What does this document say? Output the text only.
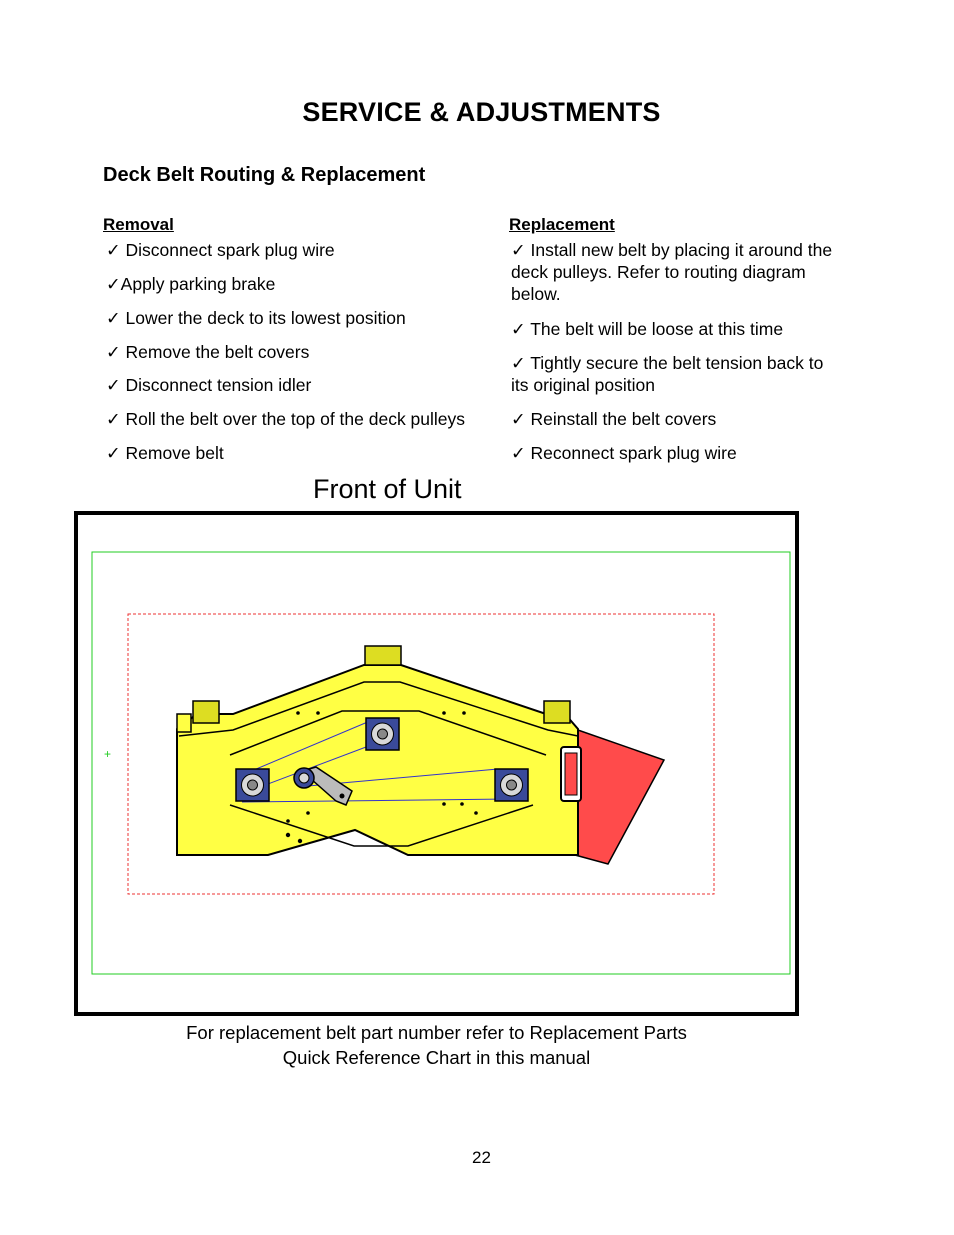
SERVICE & ADJUSTMENTS
Deck Belt Routing & Replacement
Removal
✓ Disconnect spark plug wire
✓Apply parking brake
✓ Lower the deck to its lowest position
✓ Remove the belt covers
✓ Disconnect tension idler
✓ Roll the belt over the top of the deck pulleys
✓ Remove belt
Replacement
✓ Install new belt by placing it around the deck pulleys. Refer to routing diagram below.
✓ The belt will be loose at this time
✓ Tightly secure the belt tension back to its original position
✓ Reinstall the belt covers
✓ Reconnect spark plug wire
Front of Unit
+
For replacement belt part number refer to Replacement Parts
Quick Reference Chart in this manual
22
